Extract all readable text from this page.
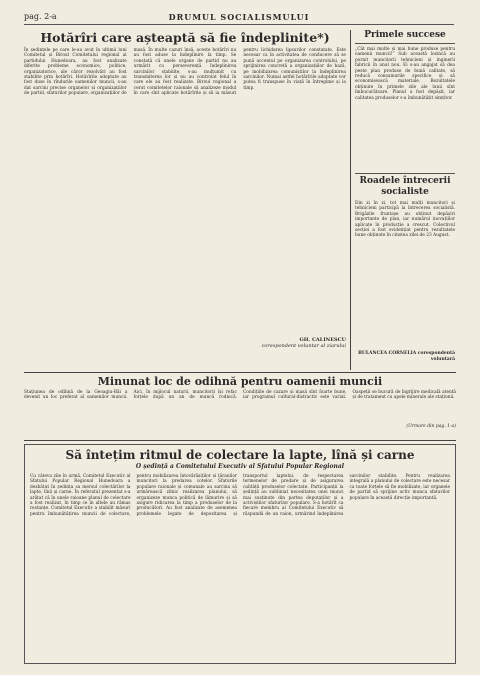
pag. 2-a	DRUMUL SOCIALISMULUI
Hotărîri care așteaptă să fie îndeplinite*)
În ședințele pe care le-au avut în ultimii luni Comitetul și Biroul Comitetului regional al partidului Hunedoara, au fost analizate diferite probleme economice, politice, organizatorice, ale căror rezolvări au fost stabilite prin hotărîri. Hotărîrile adoptate au fost duse în rîndurile oamenilor muncii, s-au dat sarcini precise organelor și organizațiilor de partid, sfaturilor populare, organizațiilor de masă. În multe cazuri însă, aceste hotărîri nu au fost aduse la îndeplinire la timp. Se constată că unele organe de partid nu au urmărit cu perseverență îndeplinirea sarcinilor stabilite, s-au mulțumit cu transmiterea lor și nu au controlat felul în care ele au fost realizate. Biroul regional a cerut comitetelor raionale să analizeze modul în care sînt aplicate hotărîrile și să ia măsuri pentru lichidarea lipsurilor constatate. Este necesar ca în activitatea de conducere să se pună accentul pe organizarea controlului, pe sprijinirea concretă a organizațiilor de bază, pe mobilizarea comuniștilor la îndeplinirea sarcinilor. Numai astfel hotărîrile adoptate vor putea fi transpuse în viață în întregime și la timp.
GH. CALINESCU
corespondent voluntar al ziarului
Primele succese
„Cât mai multe și mai bune produse pentru oamenii muncii!” Sub această lozincă au pornit muncitorii tehnicieni și inginerii fabricii în anul nou. Ei s-au angajat să dea peste plan produse de bună calitate, să reducă consumurile specifice și să economisească materiale. Rezultatele obținute în primele zile ale lunii sînt îmbucurătoare. Planul a fost depășit, iar calitatea produselor s-a îmbunătățit simțitor.
Roadele întrecerii socialiste
Din zi în zi, tot mai mulți muncitori și tehnicieni participă la întrecerea socialistă. Brigăzile fruntașe au obținut depășiri importante de plan, iar numărul inovațiilor aplicate în producție a crescut. Colectivul secției a fost evidențiat pentru rezultatele bune obținute în cinstea zilei de 23 August.
BULANCEA CORNELIA corespondentă voluntară
Minunat loc de odihnă pentru oamenii muncii
Stațiunea de odihnă de la Geoagiu-Băi a devenit un loc preferat al oamenilor muncii. Aici, în mijlocul naturii, muncitorii își refac forțele după un an de muncă rodnică. Condițiile de cazare și masă sînt foarte bune, iar programul cultural-distractiv este variat. Oaspeții se bucură de îngrijire medicală atentă și de tratament cu apele minerale ale stațiunii.
(Urmare din pag. 1-a)
Să întețim ritmul de colectare la lapte, lînă și carne
O ședință a Comitetului Executiv al Sfatului Popular Regional
Cu câteva zile în urmă, Comitetul Executiv al Sfatului Popular Regional Hunedoara a dezbătut în ședința sa mersul colectărilor la lapte, lînă și carne. În referatul prezentat s-a arătat că în unele raioane planul de colectare a fost realizat, în timp ce în altele au rămas restanțe. Comitetul Executiv a stabilit măsuri pentru îmbunătățirea muncii de colectare, pentru mobilizarea întovărășiților și țăranilor muncitori la predarea cotelor. Sfaturile populare raionale și comunale au sarcina să urmărească zilnic realizarea planului, să organizeze munca politică de lămurire și să asigure ridicarea la timp a produselor de la producători. Au fost analizate de asemenea problemele legate de depozitarea și transportul laptelui, de respectarea termenelor de predare și de asigurarea calității produselor colectate. Participanții la ședință au subliniat necesitatea unei munci mai susținute din partea deputaților și a activiștilor sfaturilor populare. S-a hotărît ca fiecare membru al Comitetului Executiv să răspundă de un raion, urmărind îndeplinirea sarcinilor stabilite. Pentru realizarea integrală a planului de colectare este necesar ca toate forțele să fie mobilizate, iar organele de partid să sprijine activ munca sfaturilor populare în această direcție importantă.
